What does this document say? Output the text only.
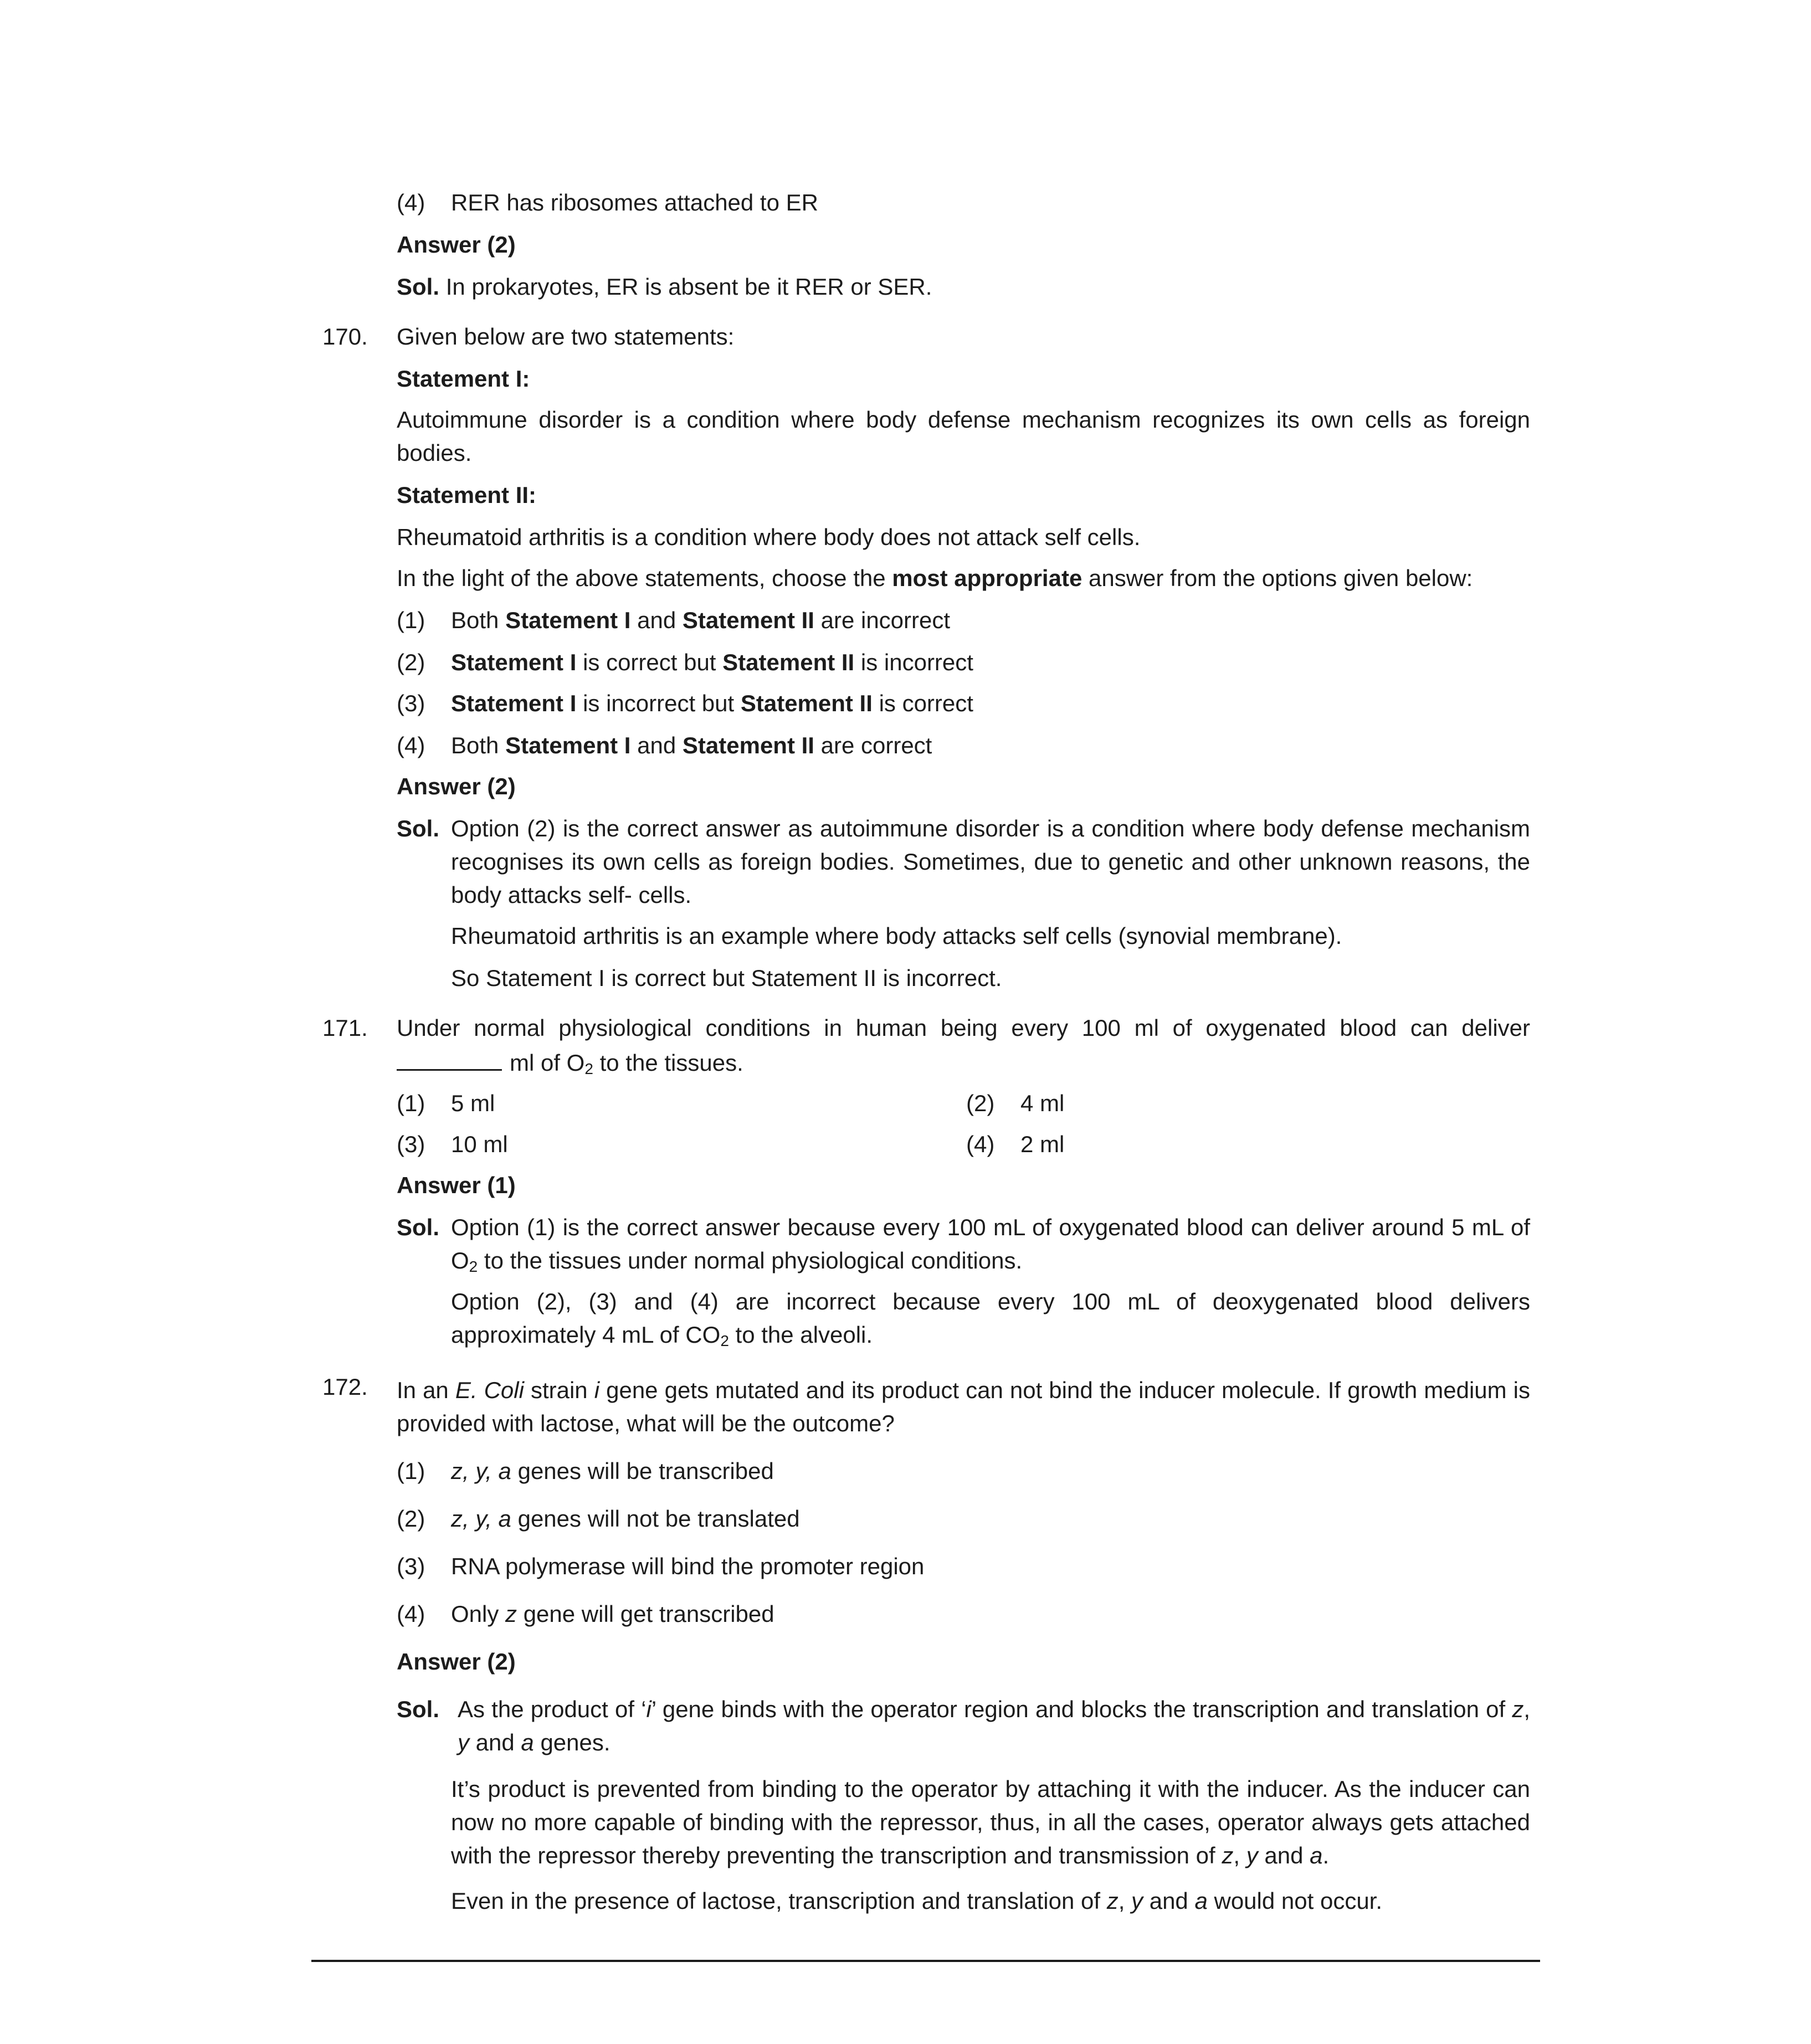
(4) RER has ribosomes attached to ER
Answer (2)
Sol. In prokaryotes, ER is absent be it RER or SER.
170.	Given below are two statements:
Statement I:
Autoimmune disorder is a condition where body defense mechanism recognizes its own cells as foreign bodies.
Statement II:
Rheumatoid arthritis is a condition where body does not attack self cells.
In the light of the above statements, choose the most appropriate answer from the options given below:
(1) Both Statement I and Statement II are incorrect
(2) Statement I is correct but Statement II is incorrect
(3) Statement I is incorrect but Statement II is correct
(4) Both Statement I and Statement II are correct
Answer (2)
Sol. Option (2) is the correct answer as autoimmune disorder is a condition where body defense mechanism recognises its own cells as foreign bodies. Sometimes, due to genetic and other unknown reasons, the body attacks self- cells.
Rheumatoid arthritis is an example where body attacks self cells (synovial membrane).
So Statement I is correct but Statement II is incorrect.
171.	Under normal physiological conditions in human being every 100 ml of oxygenated blood can deliver
ml of $O_2$ to the tissues.
(1) 5 ml	(2) 4 ml
(3) 10 ml	(4) 2 ml
Answer (1)
Sol. Option (1) is the correct answer because every 100 mL of oxygenated blood can deliver around 5 mL of $O_2$ to the tissues under normal physiological conditions.
Option (2), (3) and (4) are incorrect because every 100 mL of deoxygenated blood delivers approximately 4 mL of $CO_2$ to the alveoli.
172.	In an E. Coli strain i gene gets mutated and its product can not bind the inducer molecule. If growth medium is provided with lactose, what will be the outcome?
(1) z, y, a genes will be transcribed
(2) z, y, a genes will not be translated
(3) RNA polymerase will bind the promoter region
(4) Only z gene will get transcribed
Answer (2)
Sol. As the product of ‘i’ gene binds with the operator region and blocks the transcription and translation of z, y and a genes.
It’s product is prevented from binding to the operator by attaching it with the inducer. As the inducer can now no more capable of binding with the repressor, thus, in all the cases, operator always gets attached with the repressor thereby preventing the transcription and transmission of z, y and a.
Even in the presence of lactose, transcription and translation of z, y and a would not occur.
